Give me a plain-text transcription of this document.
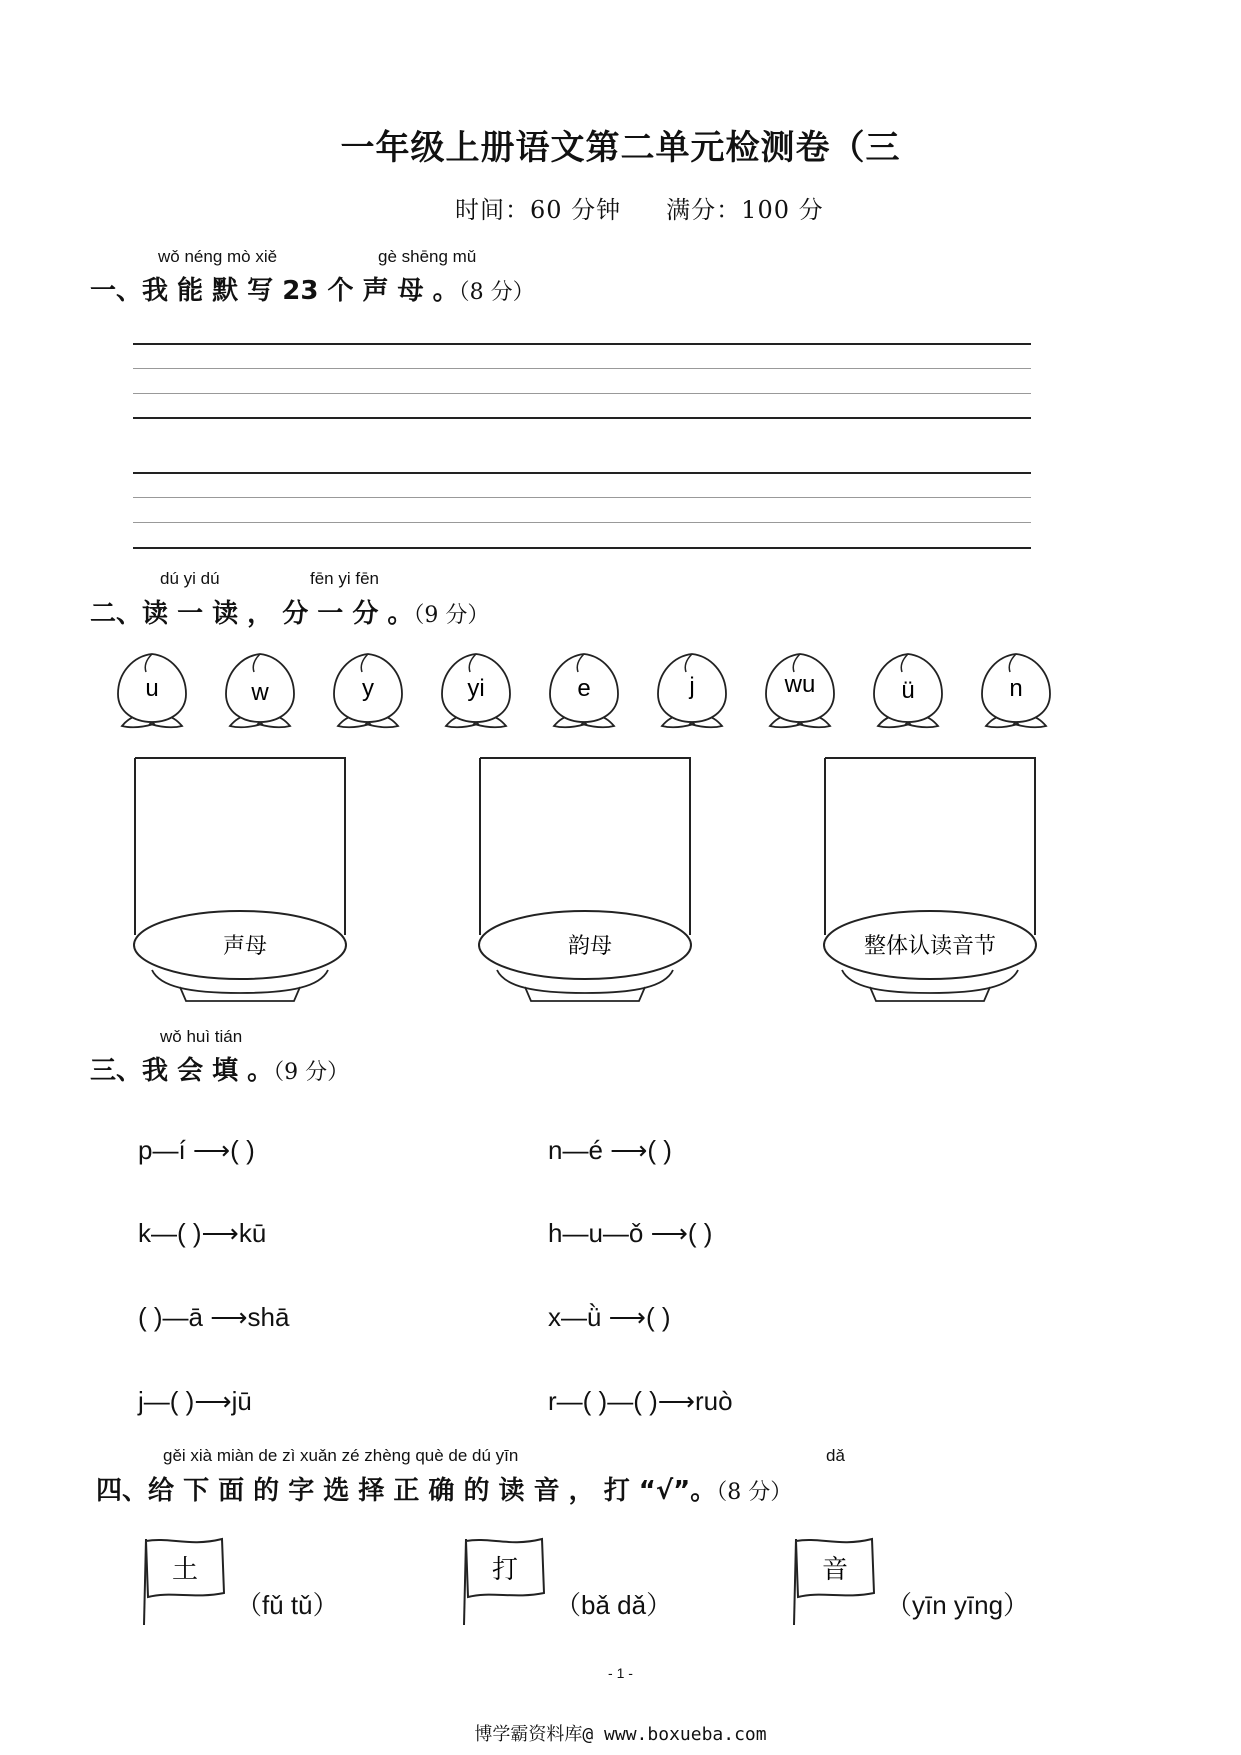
一年级上册语文第二单元检测卷（三
时间：60 分钟 满分：100 分
wǒ néng mò xiě	gè shēng mǔ
一、我 能 默 写 23 个 声 母 。（8 分）
dú yi dú	fēn yi fēn
二、读 一 读 ， 分 一 分 。（9 分）
u	w	y	yi	e	j	wu	ü	n
声母	韵母	整体认读音节
wǒ huì tián
三、我 会 填 。（9 分）
p—í ⟶( )	n—é ⟶( )
k—( )⟶kū	h—u—ǒ ⟶( )
( )—ā ⟶shā	x—ǜ ⟶( )
j—( )⟶jū	r—( )—( )⟶ruò
gěi xià miàn de zì xuǎn zé zhèng què de dú yīn	dǎ
四、给 下 面 的 字 选 择 正 确 的 读 音 ， 打 “√”。（8 分）
土	打	音
（fǔ tǔ）	（bǎ dǎ）	（yīn yīng）
- 1 -
博学霸资料库@ www.boxueba.com
